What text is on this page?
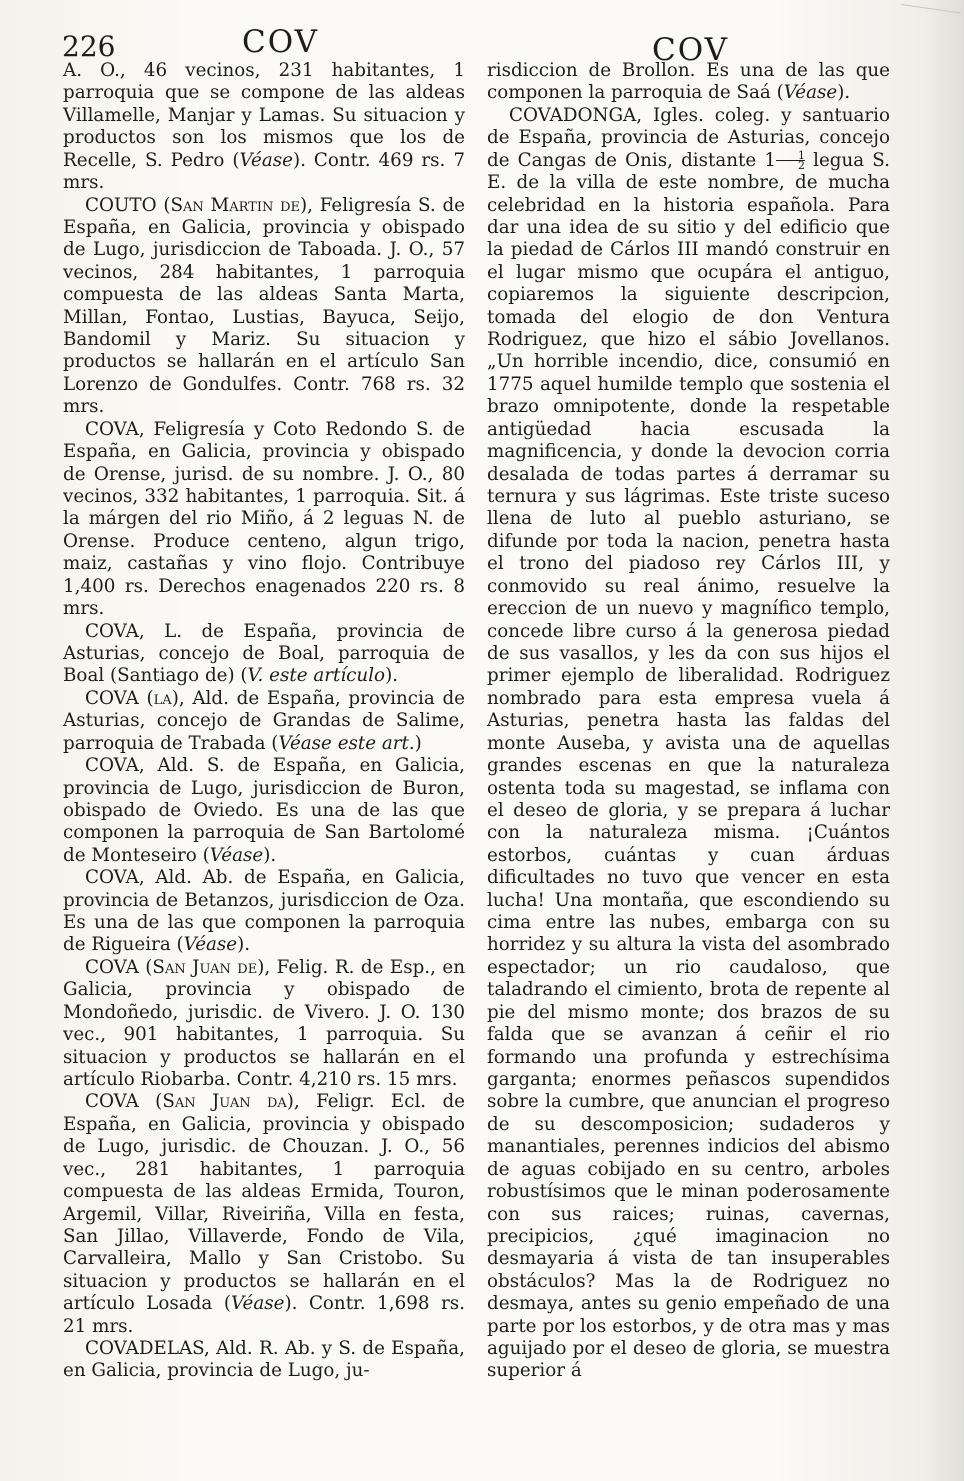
226	COV	COV

A. O., 46 vecinos, 231 habitantes, 1 parroquia que se compone de las aldeas Villamelle, Manjar y Lamas. Su situacion y productos son los mismos que los de Recelle, S. Pedro (Véase). Contr. 469 rs. 7 mrs.

COUTO (San Martin de), Feligresía S. de España, en Galicia, provincia y obispado de Lugo, jurisdiccion de Taboada. J. O., 57 vecinos, 284 habitantes, 1 parroquia compuesta de las aldeas Santa Marta, Millan, Fontao, Lustias, Bayuca, Seijo, Bandomil y Mariz. Su situacion y productos se hallarán en el artículo San Lorenzo de Gondulfes. Contr. 768 rs. 32 mrs.

COVA, Feligresía y Coto Redondo S. de España, en Galicia, provincia y obispado de Orense, jurisd. de su nombre. J. O., 80 vecinos, 332 habitantes, 1 parroquia. Sit. á la márgen del rio Miño, á 2 leguas N. de Orense. Produce centeno, algun trigo, maiz, castañas y vino flojo. Contribuye 1,400 rs. Derechos enagenados 220 rs. 8 mrs.

COVA, L. de España, provincia de Asturias, concejo de Boal, parroquia de Boal (Santiago de) (V. este artículo).

COVA (la), Ald. de España, provincia de Asturias, concejo de Grandas de Salime, parroquia de Trabada (Véase este art.)

COVA, Ald. S. de España, en Galicia, provincia de Lugo, jurisdiccion de Buron, obispado de Oviedo. Es una de las que componen la parroquia de San Bartolomé de Monteseiro (Véase).

COVA, Ald. Ab. de España, en Galicia, provincia de Betanzos, jurisdiccion de Oza. Es una de las que componen la parroquia de Rigueira (Véase).

COVA (San Juan de), Felig. R. de Esp., en Galicia, provincia y obispado de Mondoñedo, jurisdic. de Vivero. J. O. 130 vec., 901 habitantes, 1 parroquia. Su situacion y productos se hallarán en el artículo Riobarba. Contr. 4,210 rs. 15 mrs.

COVA (San Juan da), Feligr. Ecl. de España, en Galicia, provincia y obispado de Lugo, jurisdic. de Chouzan. J. O., 56 vec., 281 habitantes, 1 parroquia compuesta de las aldeas Ermida, Touron, Argemil, Villar, Riveiriña, Villa en festa, San Jillao, Villaverde, Fondo de Vila, Carvalleira, Mallo y San Cristobo. Su situacion y productos se hallarán en el artículo Losada (Véase). Contr. 1,698 rs. 21 mrs.

COVADELAS, Ald. R. Ab. y S. de España, en Galicia, provincia de Lugo, ju-

risdiccion de Brollon. Es una de las que componen la parroquia de Saá (Véase).

COVADONGA, Igles. coleg. y santuario de España, provincia de Asturias, concejo de Cangas de Onis, distante $1 \frac{1}{2}$ legua S. E. de la villa de este nombre, de mucha celebridad en la historia española. Para dar una idea de su sitio y del edificio que la piedad de Cárlos III mandó construir en el lugar mismo que ocupára el antiguo, copiaremos la siguiente descripcion, tomada del elogio de don Ventura Rodriguez, que hizo el sábio Jovellanos. „Un horrible incendio, dice, consumió en 1775 aquel humilde templo que sostenia el brazo omnipotente, donde la respetable antigüedad hacia escusada la magnificencia, y donde la devocion corria desalada de todas partes á derramar su ternura y sus lágrimas. Este triste suceso llena de luto al pueblo asturiano, se difunde por toda la nacion, penetra hasta el trono del piadoso rey Cárlos III, y conmovido su real ánimo, resuelve la ereccion de un nuevo y magnífico templo, concede libre curso á la generosa piedad de sus vasallos, y les da con sus hijos el primer ejemplo de liberalidad. Rodriguez nombrado para esta empresa vuela á Asturias, penetra hasta las faldas del monte Auseba, y avista una de aquellas grandes escenas en que la naturaleza ostenta toda su magestad, se inflama con el deseo de gloria, y se prepara á luchar con la naturaleza misma. ¡Cuántos estorbos, cuántas y cuan árduas dificultades no tuvo que vencer en esta lucha! Una montaña, que escondiendo su cima entre las nubes, embarga con su horridez y su altura la vista del asombrado espectador; un rio caudaloso, que taladrando el cimiento, brota de repente al pie del mismo monte; dos brazos de su falda que se avanzan á ceñir el rio formando una profunda y estrechísima garganta; enormes peñascos supendidos sobre la cumbre, que anuncian el progreso de su descomposicion; sudaderos y manantiales, perennes indicios del abismo de aguas cobijado en su centro, arboles robustísimos que le minan poderosamente con sus raices; ruinas, cavernas, precipicios, ¿qué imaginacion no desmayaria á vista de tan insuperables obstáculos? Mas la de Rodriguez no desmaya, antes su genio empeñado de una parte por los estorbos, y de otra mas y mas aguijado por el deseo de gloria, se muestra superior á
